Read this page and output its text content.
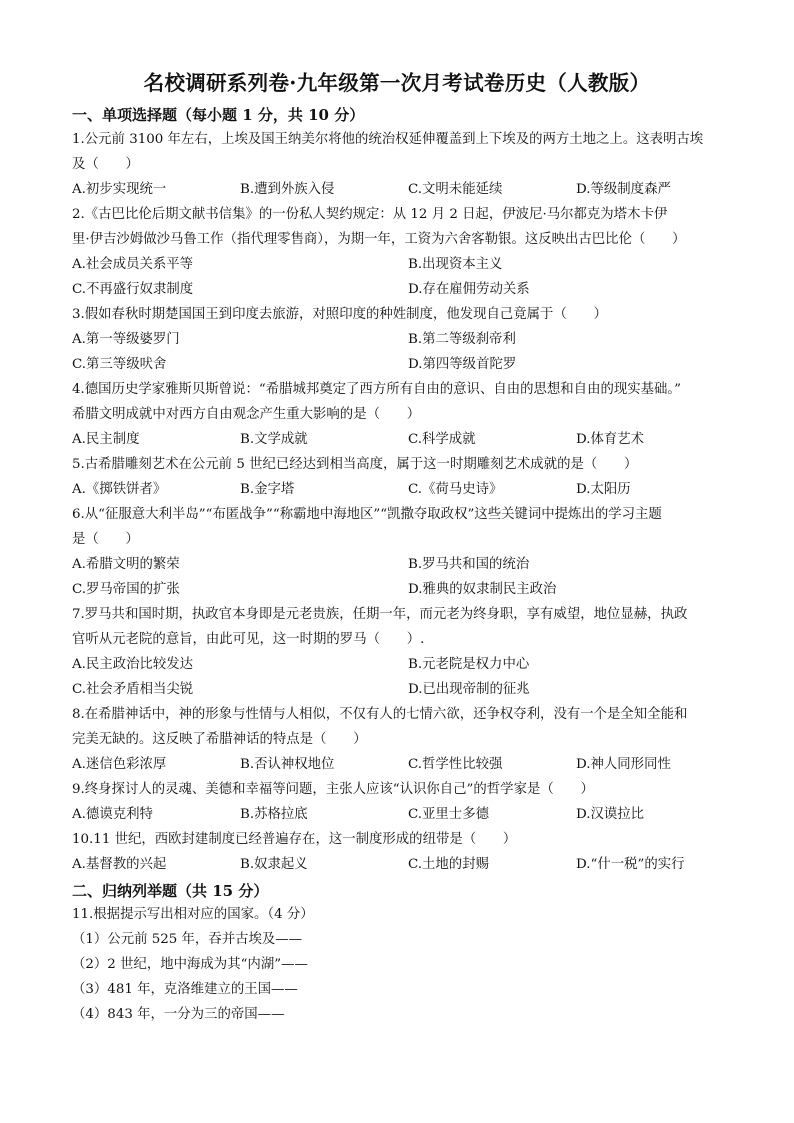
名校调研系列卷·九年级第一次月考试卷历史（人教版）
一、单项选择题（每小题 1 分，共 10 分）
1.公元前 3100 年左右，上埃及国王纳美尔将他的统治权延伸覆盖到上下埃及的两方土地之上。这表明古埃
及（　　）
A.初步实现统一	B.遭到外族入侵	C.文明未能延续	D.等级制度森严
2.《古巴比伦后期文献书信集》的一份私人契约规定：从 12 月 2 日起，伊波尼·马尔都克为塔木卡伊
里·伊吉沙姆做沙马鲁工作（指代理零售商），为期一年，工资为六舍客勒银。这反映出古巴比伦（　　）
A.社会成员关系平等	B.出现资本主义
C.不再盛行奴隶制度	D.存在雇佣劳动关系
3.假如春秋时期楚国国王到印度去旅游，对照印度的种姓制度，他发现自己竟属于（　　）
A.第一等级婆罗门	B.第二等级刹帝利
C.第三等级吠舍	D.第四等级首陀罗
4.德国历史学家雅斯贝斯曾说：“希腊城邦奠定了西方所有自由的意识、自由的思想和自由的现实基础。”
希腊文明成就中对西方自由观念产生重大影响的是（　　）
A.民主制度	B.文学成就	C.科学成就	D.体育艺术
5.古希腊雕刻艺术在公元前 5 世纪已经达到相当高度，属于这一时期雕刻艺术成就的是（　　）
A.《掷铁饼者》	B.金字塔	C.《荷马史诗》	D.太阳历
6.从“征服意大利半岛”“布匿战争”“称霸地中海地区”“凯撒夺取政权”这些关键词中提炼出的学习主题
是（　　）
A.希腊文明的繁荣	B.罗马共和国的统治
C.罗马帝国的扩张	D.雅典的奴隶制民主政治
7.罗马共和国时期，执政官本身即是元老贵族，任期一年，而元老为终身职，享有威望，地位显赫，执政
官听从元老院的意旨，由此可见，这一时期的罗马（　　）.
A.民主政治比较发达	B.元老院是权力中心
C.社会矛盾相当尖锐	D.已出现帝制的征兆
8.在希腊神话中，神的形象与性情与人相似，不仅有人的七情六欲，还争权夺利，没有一个是全知全能和
完美无缺的。这反映了希腊神话的特点是（　　）
A.迷信色彩浓厚	B.否认神权地位	C.哲学性比较强	D.神人同形同性
9.终身探讨人的灵魂、美德和幸福等问题，主张人应该“认识你自己”的哲学家是（　　）
A.德谟克利特	B.苏格拉底	C.亚里士多德	D.汉谟拉比
10.11 世纪，西欧封建制度已经普遍存在，这一制度形成的纽带是（　　）
A.基督教的兴起	B.奴隶起义	C.土地的封赐	D.“什一税”的实行
二、归纳列举题（共 15 分）
11.根据提示写出相对应的国家。（4 分）
（1）公元前 525 年，吞并古埃及——
（2）2 世纪，地中海成为其“内湖”——
（3）481 年，克洛维建立的王国——
（4）843 年，一分为三的帝国——
